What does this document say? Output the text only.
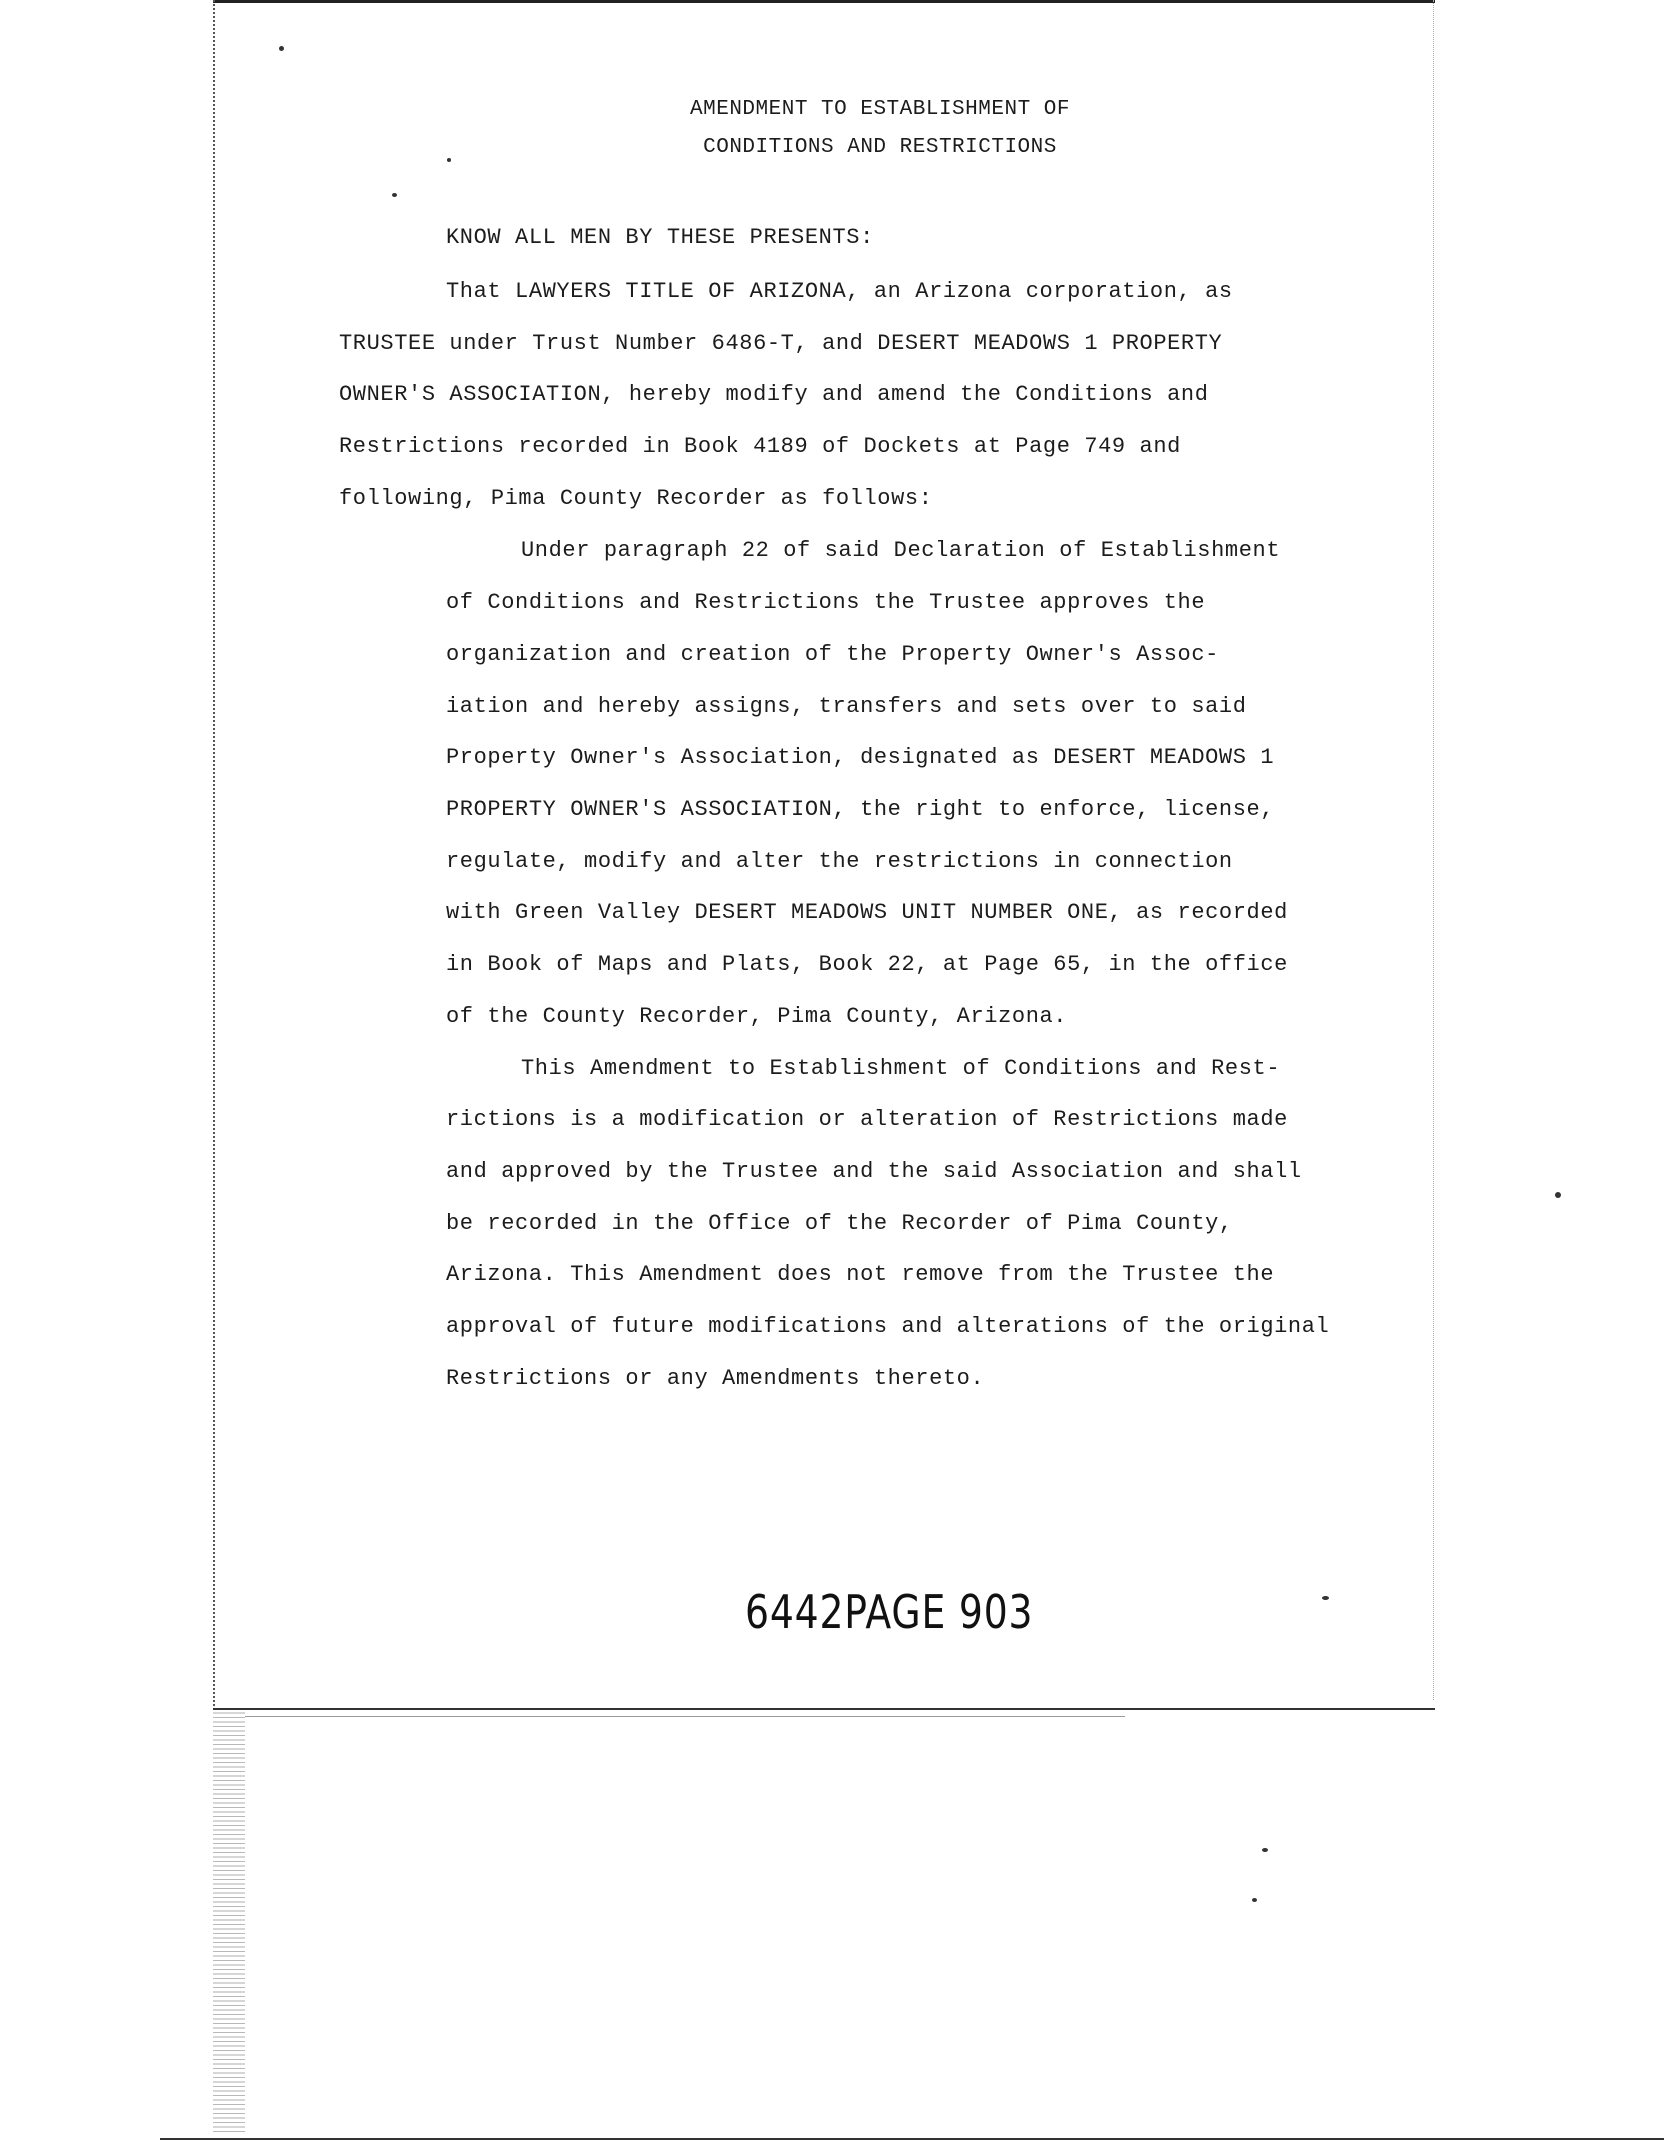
AMENDMENT TO ESTABLISHMENT OF
CONDITIONS AND RESTRICTIONS
KNOW ALL MEN BY THESE PRESENTS:
That LAWYERS TITLE OF ARIZONA, an Arizona corporation, as
TRUSTEE under Trust Number 6486-T, and DESERT MEADOWS 1 PROPERTY
OWNER'S ASSOCIATION, hereby modify and amend the Conditions and
Restrictions recorded in Book 4189 of Dockets at Page 749 and
following, Pima County Recorder as follows:
Under paragraph 22 of said Declaration of Establishment
of Conditions and Restrictions the Trustee approves the
organization and creation of the Property Owner's Assoc-
iation and hereby assigns, transfers and sets over to said
Property Owner's Association, designated as DESERT MEADOWS 1
PROPERTY OWNER'S ASSOCIATION, the right to enforce, license,
regulate, modify and alter the restrictions in connection
with Green Valley DESERT MEADOWS UNIT NUMBER ONE, as recorded
in Book of Maps and Plats, Book 22, at Page 65, in the office
of the County Recorder, Pima County, Arizona.
This Amendment to Establishment of Conditions and Rest-
rictions is a modification or alteration of Restrictions made
and approved by the Trustee and the said Association and shall
be recorded in the Office of the Recorder of Pima County,
Arizona. This Amendment does not remove from the Trustee the
approval of future modifications and alterations of the original
Restrictions or any Amendments thereto.
6442PAGE 903
